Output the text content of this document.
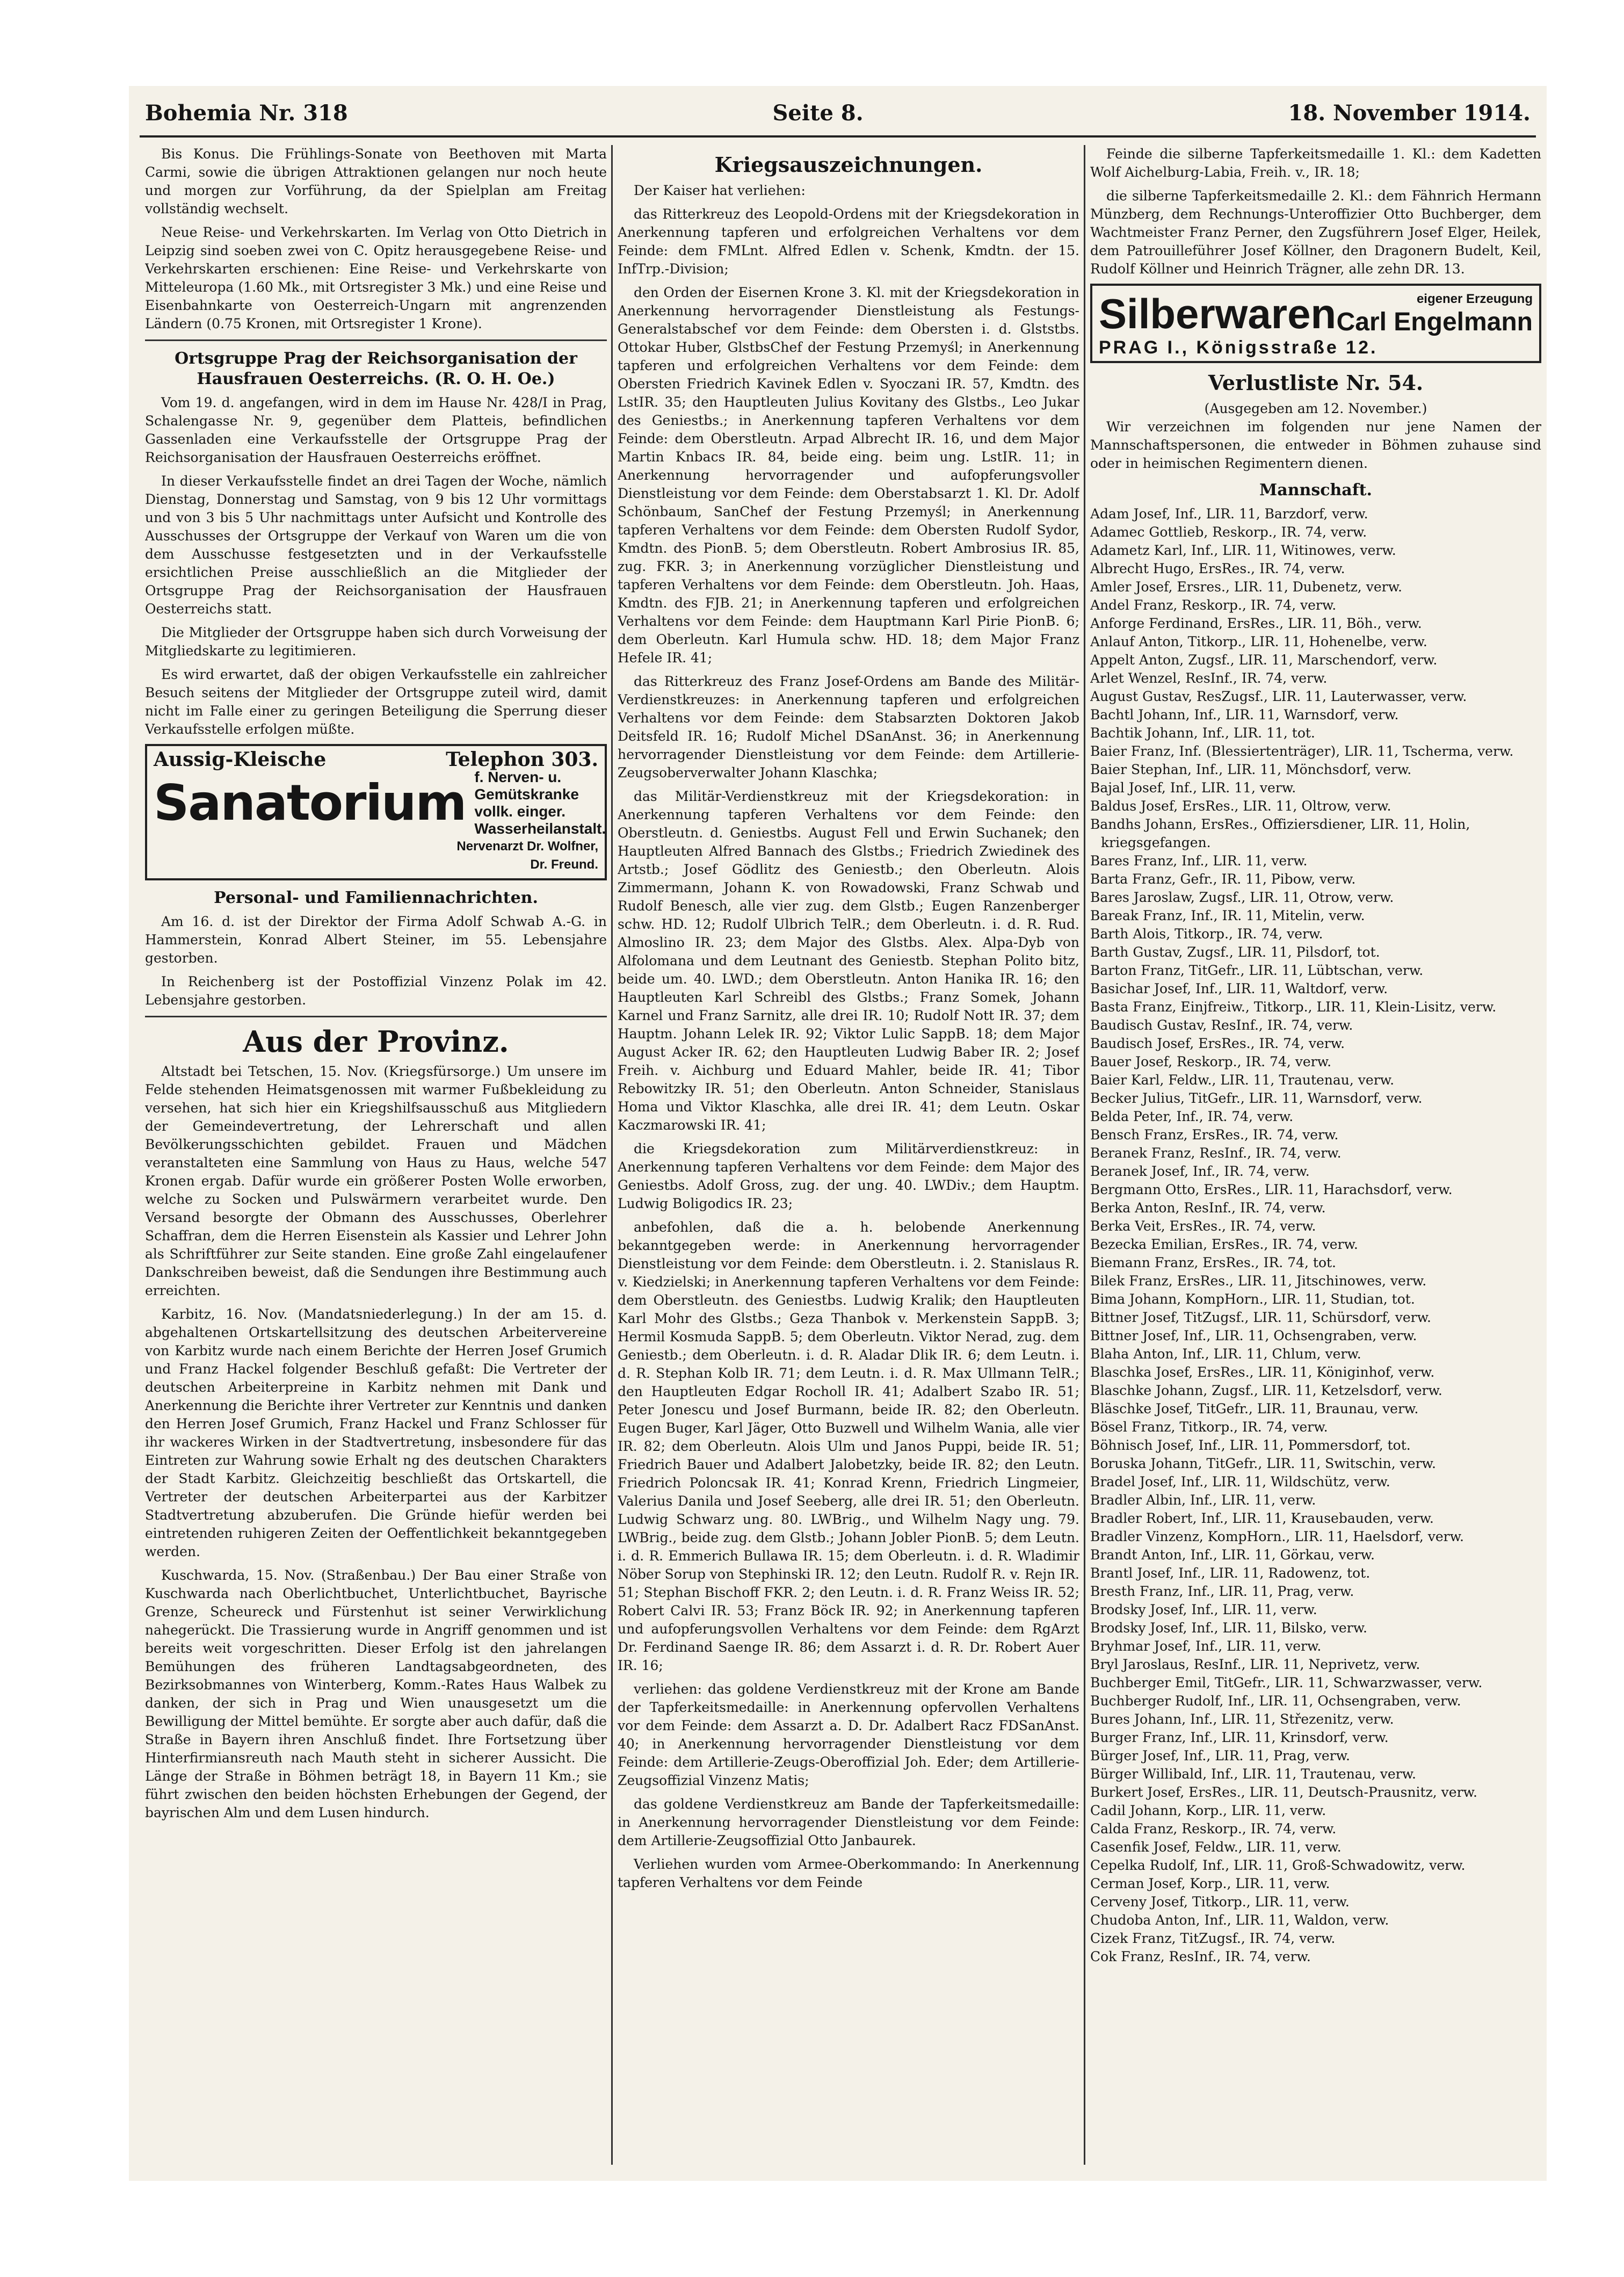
Bohemia Nr. 318	Seite 8.	18. November 1914.

Bis Konus. Die Frühlings-Sonate von Beethoven mit Marta Carmi, sowie die übrigen Attraktionen gelangen nur noch heute und morgen zur Vorführung, da der Spielplan am Freitag vollständig wechselt.

Neue Reise- und Verkehrskarten. Im Verlag von Otto Dietrich in Leipzig sind soeben zwei von C. Opitz herausgegebene Reise- und Verkehrskarten erschienen: Eine Reise- und Verkehrskarte von Mitteleuropa (1.60 Mk., mit Ortsregister 3 Mk.) und eine Reise und Eisenbahnkarte von Oesterreich-Ungarn mit angrenzenden Ländern (0.75 Kronen, mit Ortsregister 1 Krone).

Ortsgruppe Prag der Reichsorganisation der Hausfrauen Oesterreichs. (R. O. H. Oe.)

Vom 19. d. angefangen, wird in dem im Hause Nr. 428/I in Prag, Schalengasse Nr. 9, gegenüber dem Platteis, befindlichen Gassenladen eine Verkaufsstelle der Ortsgruppe Prag der Reichsorganisation der Hausfrauen Oesterreichs eröffnet.

In dieser Verkaufsstelle findet an drei Tagen der Woche, nämlich Dienstag, Donnerstag und Samstag, von 9 bis 12 Uhr vormittags und von 3 bis 5 Uhr nachmittags unter Aufsicht und Kontrolle des Ausschusses der Ortsgruppe der Verkauf von Waren um die von dem Ausschusse festgesetzten und in der Verkaufsstelle ersichtlichen Preise ausschließlich an die Mitglieder der Ortsgruppe Prag der Reichsorganisation der Hausfrauen Oesterreichs statt.

Die Mitglieder der Ortsgruppe haben sich durch Vorweisung der Mitgliedskarte zu legitimieren.

Es wird erwartet, daß der obigen Verkaufsstelle ein zahlreicher Besuch seitens der Mitglieder der Ortsgruppe zuteil wird, damit nicht im Falle einer zu geringen Beteiligung die Sperrung dieser Verkaufsstelle erfolgen müßte.

Aussig-Kleische	Telephon 303.
Sanatorium f. Nerven- u. Gemütskranke
vollk. einger. Wasserheilanstalt.
Nervenarzt Dr. Wolfner,
Dr. Freund.
Personal- und Familiennachrichten.

Am 16. d. ist der Direktor der Firma Adolf Schwab A.-G. in Hammerstein, Konrad Albert Steiner, im 55. Lebensjahre gestorben.

In Reichenberg ist der Postoffizial Vinzenz Polak im 42. Lebensjahre gestorben.

Aus der Provinz.

Altstadt bei Tetschen, 15. Nov. (Kriegsfürsorge.) Um unsere im Felde stehenden Heimatsgenossen mit warmer Fußbekleidung zu versehen, hat sich hier ein Kriegshilfsausschuß aus Mitgliedern der Gemeindevertretung, der Lehrerschaft und allen Bevölkerungsschichten gebildet. Frauen und Mädchen veranstalteten eine Sammlung von Haus zu Haus, welche 547 Kronen ergab. Dafür wurde ein größerer Posten Wolle erworben, welche zu Socken und Pulswärmern verarbeitet wurde. Den Versand besorgte der Obmann des Ausschusses, Oberlehrer Schaffran, dem die Herren Eisenstein als Kassier und Lehrer John als Schriftführer zur Seite standen. Eine große Zahl eingelaufener Dankschreiben beweist, daß die Sendungen ihre Bestimmung auch erreichten.

Karbitz, 16. Nov. (Mandatsniederlegung.) In der am 15. d. abgehaltenen Ortskartellsitzung des deutschen Arbeitervereine von Karbitz wurde nach einem Berichte der Herren Josef Grumich und Franz Hackel folgender Beschluß gefaßt: Die Vertreter der deutschen Arbeiterpreine in Karbitz nehmen mit Dank und Anerkennung die Berichte ihrer Vertreter zur Kenntnis und danken den Herren Josef Grumich, Franz Hackel und Franz Schlosser für ihr wackeres Wirken in der Stadtvertretung, insbesondere für das Eintreten zur Wahrung sowie Erhalt ng des deutschen Charakters der Stadt Karbitz. Gleichzeitig beschließt das Ortskartell, die Vertreter der deutschen Arbeiterpartei aus der Karbitzer Stadtvertretung abzuberufen. Die Gründe hiefür werden bei eintretenden ruhigeren Zeiten der Oeffentlichkeit bekanntgegeben werden.

Kuschwarda, 15. Nov. (Straßenbau.) Der Bau einer Straße von Kuschwarda nach Oberlichtbuchet, Unterlichtbuchet, Bayrische Grenze, Scheureck und Fürstenhut ist seiner Verwirklichung nahegerückt. Die Trassierung wurde in Angriff genommen und ist bereits weit vorgeschritten. Dieser Erfolg ist den jahrelangen Bemühungen des früheren Landtagsabgeordneten, des Bezirksobmannes von Winterberg, Komm.-Rates Haus Walbek zu danken, der sich in Prag und Wien unausgesetzt um die Bewilligung der Mittel bemühte. Er sorgte aber auch dafür, daß die Straße in Bayern ihren Anschluß findet. Ihre Fortsetzung über Hinterfirmiansreuth nach Mauth steht in sicherer Aussicht. Die Länge der Straße in Böhmen beträgt 18, in Bayern 11 Km.; sie führt zwischen den beiden höchsten Erhebungen der Gegend, der bayrischen Alm und dem Lusen hindurch.

Kriegsauszeichnungen.

Der Kaiser hat verliehen:

das Ritterkreuz des Leopold-Ordens mit der Kriegsdekoration in Anerkennung tapferen und erfolgreichen Verhaltens vor dem Feinde: dem FMLnt. Alfred Edlen v. Schenk, Kmdtn. der 15. InfTrp.-Division;

den Orden der Eisernen Krone 3. Kl. mit der Kriegsdekoration in Anerkennung hervorragender Dienstleistung als Festungs-Generalstabschef vor dem Feinde: dem Obersten i. d. Glststbs. Ottokar Huber, GlstbsChef der Festung Przemyśl; in Anerkennung tapferen und erfolgreichen Verhaltens vor dem Feinde: dem Obersten Friedrich Kavinek Edlen v. Syoczani IR. 57, Kmdtn. des LstIR. 35; den Hauptleuten Julius Kovitany des Glstbs., Leo Jukar des Geniestbs.; in Anerkennung tapferen Verhaltens vor dem Feinde: dem Oberstleutn. Arpad Albrecht IR. 16, und dem Major Martin Knbacs IR. 84, beide eing. beim ung. LstIR. 11; in Anerkennung hervorragender und aufopferungsvoller Dienstleistung vor dem Feinde: dem Oberstabsarzt 1. Kl. Dr. Adolf Schönbaum, SanChef der Festung Przemyśl; in Anerkennung tapferen Verhaltens vor dem Feinde: dem Obersten Rudolf Sydor, Kmdtn. des PionB. 5; dem Oberstleutn. Robert Ambrosius IR. 85, zug. FKR. 3; in Anerkennung vorzüglicher Dienstleistung und tapferen Verhaltens vor dem Feinde: dem Oberstleutn. Joh. Haas, Kmdtn. des FJB. 21; in Anerkennung tapferen und erfolgreichen Verhaltens vor dem Feinde: dem Hauptmann Karl Pirie PionB. 6; dem Oberleutn. Karl Humula schw. HD. 18; dem Major Franz Hefele IR. 41;

das Ritterkreuz des Franz Josef-Ordens am Bande des Militär-Verdienstkreuzes: in Anerkennung tapferen und erfolgreichen Verhaltens vor dem Feinde: dem Stabsarzten Doktoren Jakob Deitsfeld IR. 16; Rudolf Michel DSanAnst. 36; in Anerkennung hervorragender Dienstleistung vor dem Feinde: dem Artillerie-Zeugsoberverwalter Johann Klaschka;

das Militär-Verdienstkreuz mit der Kriegsdekoration: in Anerkennung tapferen Verhaltens vor dem Feinde: den Oberstleutn. d. Geniestbs. August Fell und Erwin Suchanek; den Hauptleuten Alfred Bannach des Glstbs.; Friedrich Zwiedinek des Artstb.; Josef Gödlitz des Geniestb.; den Oberleutn. Alois Zimmermann, Johann K. von Rowadowski, Franz Schwab und Rudolf Benesch, alle vier zug. dem Glstb.; Eugen Ranzenberger schw. HD. 12; Rudolf Ulbrich TelR.; dem Oberleutn. i. d. R. Rud. Almoslino IR. 23; dem Major des Glstbs. Alex. Alpa-Dyb von Alfolomana und dem Leutnant des Geniestb. Stephan Polito bitz, beide um. 40. LWD.; dem Oberstleutn. Anton Hanika IR. 16; den Hauptleuten Karl Schreibl des Glstbs.; Franz Somek, Johann Karnel und Franz Sarnitz, alle drei IR. 10; Rudolf Nott IR. 37; dem Hauptm. Johann Lelek IR. 92; Viktor Lulic SappB. 18; dem Major August Acker IR. 62; den Hauptleuten Ludwig Baber IR. 2; Josef Freih. v. Aichburg und Eduard Mahler, beide IR. 41; Tibor Rebowitzky IR. 51; den Oberleutn. Anton Schneider, Stanislaus Homa und Viktor Klaschka, alle drei IR. 41; dem Leutn. Oskar Kaczmarowski IR. 41;

die Kriegsdekoration zum Militärverdienstkreuz: in Anerkennung tapferen Verhaltens vor dem Feinde: dem Major des Geniestbs. Adolf Gross, zug. der ung. 40. LWDiv.; dem Hauptm. Ludwig Boligodics IR. 23;

anbefohlen, daß die a. h. belobende Anerkennung bekanntgegeben werde: in Anerkennung hervorragender Dienstleistung vor dem Feinde: dem Oberstleutn. i. 2. Stanislaus R. v. Kiedzielski; in Anerkennung tapferen Verhaltens vor dem Feinde: dem Oberstleutn. des Geniestbs. Ludwig Kralik; den Hauptleuten Karl Mohr des Glstbs.; Geza Thanbok v. Merkenstein SappB. 3; Hermil Kosmuda SappB. 5; dem Oberleutn. Viktor Nerad, zug. dem Geniestb.; dem Oberleutn. i. d. R. Aladar Dlik IR. 6; dem Leutn. i. d. R. Stephan Kolb IR. 71; dem Leutn. i. d. R. Max Ullmann TelR.; den Hauptleuten Edgar Rocholl IR. 41; Adalbert Szabo IR. 51; Peter Jonescu und Josef Burmann, beide IR. 82; den Oberleutn. Eugen Buger, Karl Jäger, Otto Buzwell und Wilhelm Wania, alle vier IR. 82; dem Oberleutn. Alois Ulm und Janos Puppi, beide IR. 51; Friedrich Bauer und Adalbert Jalobetzky, beide IR. 82; den Leutn. Friedrich Poloncsak IR. 41; Konrad Krenn, Friedrich Lingmeier, Valerius Danila und Josef Seeberg, alle drei IR. 51; den Oberleutn. Ludwig Schwarz ung. 80. LWBrig., und Wilhelm Nagy ung. 79. LWBrig., beide zug. dem Glstb.; Johann Jobler PionB. 5; dem Leutn. i. d. R. Emmerich Bullawa IR. 15; dem Oberleutn. i. d. R. Wladimir Nöber Sorup von Stephinski IR. 12; den Leutn. Rudolf R. v. Rejn IR. 51; Stephan Bischoff FKR. 2; den Leutn. i. d. R. Franz Weiss IR. 52; Robert Calvi IR. 53; Franz Böck IR. 92; in Anerkennung tapferen und aufopferungsvollen Verhaltens vor dem Feinde: dem RgArzt Dr. Ferdinand Saenge IR. 86; dem Assarzt i. d. R. Dr. Robert Auer IR. 16;

verliehen: das goldene Verdienstkreuz mit der Krone am Bande der Tapferkeitsmedaille: in Anerkennung opfervollen Verhaltens vor dem Feinde: dem Assarzt a. D. Dr. Adalbert Racz FDSanAnst. 40; in Anerkennung hervorragender Dienstleistung vor dem Feinde: dem Artillerie-Zeugs-Oberoffizial Joh. Eder; dem Artillerie-Zeugsoffizial Vinzenz Matis;

das goldene Verdienstkreuz am Bande der Tapferkeitsmedaille: in Anerkennung hervorragender Dienstleistung vor dem Feinde: dem Artillerie-Zeugsoffizial Otto Janbaurek.

Verliehen wurden vom Armee-Oberkommando: In Anerkennung tapferen Verhaltens vor dem Feinde

Feinde die silberne Tapferkeitsmedaille 1. Kl.: dem Kadetten Wolf Aichelburg-Labia, Freih. v., IR. 18;

die silberne Tapferkeitsmedaille 2. Kl.: dem Fähnrich Hermann Münzberg, dem Rechnungs-Unteroffizier Otto Buchberger, dem Wachtmeister Franz Perner, den Zugsführern Josef Elger, Heilek, dem Patrouilleführer Josef Köllner, den Dragonern Budelt, Keil, Rudolf Köllner und Heinrich Trägner, alle zehn DR. 13.

Silberwaren	eigener Erzeugung
Carl Engelmann
PRAG I., Königsstraße 12.
Verlustliste Nr. 54.
(Ausgegeben am 12. November.)

Wir verzeichnen im folgenden nur jene Namen der Mannschaftspersonen, die entweder in Böhmen zuhause sind oder in heimischen Regimentern dienen.

Mannschaft.

Adam Josef, Inf., LIR. 11, Barzdorf, verw.

Adamec Gottlieb, Reskorp., IR. 74, verw.

Adametz Karl, Inf., LIR. 11, Witinowes, verw.

Albrecht Hugo, ErsRes., IR. 74, verw.

Amler Josef, Ersres., LIR. 11, Dubenetz, verw.

Andel Franz, Reskorp., IR. 74, verw.

Anforge Ferdinand, ErsRes., LIR. 11, Böh., verw.

Anlauf Anton, Titkorp., LIR. 11, Hohenelbe, verw.

Appelt Anton, Zugsf., LIR. 11, Marschendorf, verw.

Arlet Wenzel, ResInf., IR. 74, verw.

August Gustav, ResZugsf., LIR. 11, Lauterwasser, verw.

Bachtl Johann, Inf., LIR. 11, Warnsdorf, verw.

Bachtik Johann, Inf., LIR. 11, tot.

Baier Franz, Inf. (Blessiertenträger), LIR. 11, Tscherma, verw.

Baier Stephan, Inf., LIR. 11, Mönchsdorf, verw.

Bajal Josef, Inf., LIR. 11, verw.

Baldus Josef, ErsRes., LIR. 11, Oltrow, verw.

Bandhs Johann, ErsRes., Offiziersdiener, LIR. 11, Holin, kriegsgefangen.

Bares Franz, Inf., LIR. 11, verw.

Barta Franz, Gefr., IR. 11, Pibow, verw.

Bares Jaroslaw, Zugsf., LIR. 11, Otrow, verw.

Bareak Franz, Inf., IR. 11, Mitelin, verw.

Barth Alois, Titkorp., IR. 74, verw.

Barth Gustav, Zugsf., LIR. 11, Pilsdorf, tot.

Barton Franz, TitGefr., LIR. 11, Lübtschan, verw.

Basichar Josef, Inf., LIR. 11, Waltdorf, verw.

Basta Franz, Einjfreiw., Titkorp., LIR. 11, Klein-Lisitz, verw.

Baudisch Gustav, ResInf., IR. 74, verw.

Baudisch Josef, ErsRes., IR. 74, verw.

Bauer Josef, Reskorp., IR. 74, verw.

Baier Karl, Feldw., LIR. 11, Trautenau, verw.

Becker Julius, TitGefr., LIR. 11, Warnsdorf, verw.

Belda Peter, Inf., IR. 74, verw.

Bensch Franz, ErsRes., IR. 74, verw.

Beranek Franz, ResInf., IR. 74, verw.

Beranek Josef, Inf., IR. 74, verw.

Bergmann Otto, ErsRes., LIR. 11, Harachsdorf, verw.

Berka Anton, ResInf., IR. 74, verw.

Berka Veit, ErsRes., IR. 74, verw.

Bezecka Emilian, ErsRes., IR. 74, verw.

Biemann Franz, ErsRes., IR. 74, tot.

Bilek Franz, ErsRes., LIR. 11, Jitschinowes, verw.

Bima Johann, KompHorn., LIR. 11, Studian, tot.

Bittner Josef, TitZugsf., LIR. 11, Schürsdorf, verw.

Bittner Josef, Inf., LIR. 11, Ochsengraben, verw.

Blaha Anton, Inf., LIR. 11, Chlum, verw.

Blaschka Josef, ErsRes., LIR. 11, Königinhof, verw.

Blaschke Johann, Zugsf., LIR. 11, Ketzelsdorf, verw.

Bläschke Josef, TitGefr., LIR. 11, Braunau, verw.

Bösel Franz, Titkorp., IR. 74, verw.

Böhnisch Josef, Inf., LIR. 11, Pommersdorf, tot.

Boruska Johann, TitGefr., LIR. 11, Switschin, verw.

Bradel Josef, Inf., LIR. 11, Wildschütz, verw.

Bradler Albin, Inf., LIR. 11, verw.

Bradler Robert, Inf., LIR. 11, Krausebauden, verw.

Bradler Vinzenz, KompHorn., LIR. 11, Haelsdorf, verw.

Brandt Anton, Inf., LIR. 11, Görkau, verw.

Brantl Josef, Inf., LIR. 11, Radowenz, tot.

Bresth Franz, Inf., LIR. 11, Prag, verw.

Brodsky Josef, Inf., LIR. 11, verw.

Brodsky Josef, Inf., LIR. 11, Bilsko, verw.

Bryhmar Josef, Inf., LIR. 11, verw.

Bryl Jaroslaus, ResInf., LIR. 11, Neprivetz, verw.

Buchberger Emil, TitGefr., LIR. 11, Schwarzwasser, verw.

Buchberger Rudolf, Inf., LIR. 11, Ochsengraben, verw.

Bures Johann, Inf., LIR. 11, Střezenitz, verw.

Burger Franz, Inf., LIR. 11, Krinsdorf, verw.

Bürger Josef, Inf., LIR. 11, Prag, verw.

Bürger Willibald, Inf., LIR. 11, Trautenau, verw.

Burkert Josef, ErsRes., LIR. 11, Deutsch-Prausnitz, verw.

Cadil Johann, Korp., LIR. 11, verw.

Calda Franz, Reskorp., IR. 74, verw.

Casenfik Josef, Feldw., LIR. 11, verw.

Cepelka Rudolf, Inf., LIR. 11, Groß-Schwadowitz, verw.

Cerman Josef, Korp., LIR. 11, verw.

Cerveny Josef, Titkorp., LIR. 11, verw.

Chudoba Anton, Inf., LIR. 11, Waldon, verw.

Cizek Franz, TitZugsf., IR. 74, verw.

Cok Franz, ResInf., IR. 74, verw.
